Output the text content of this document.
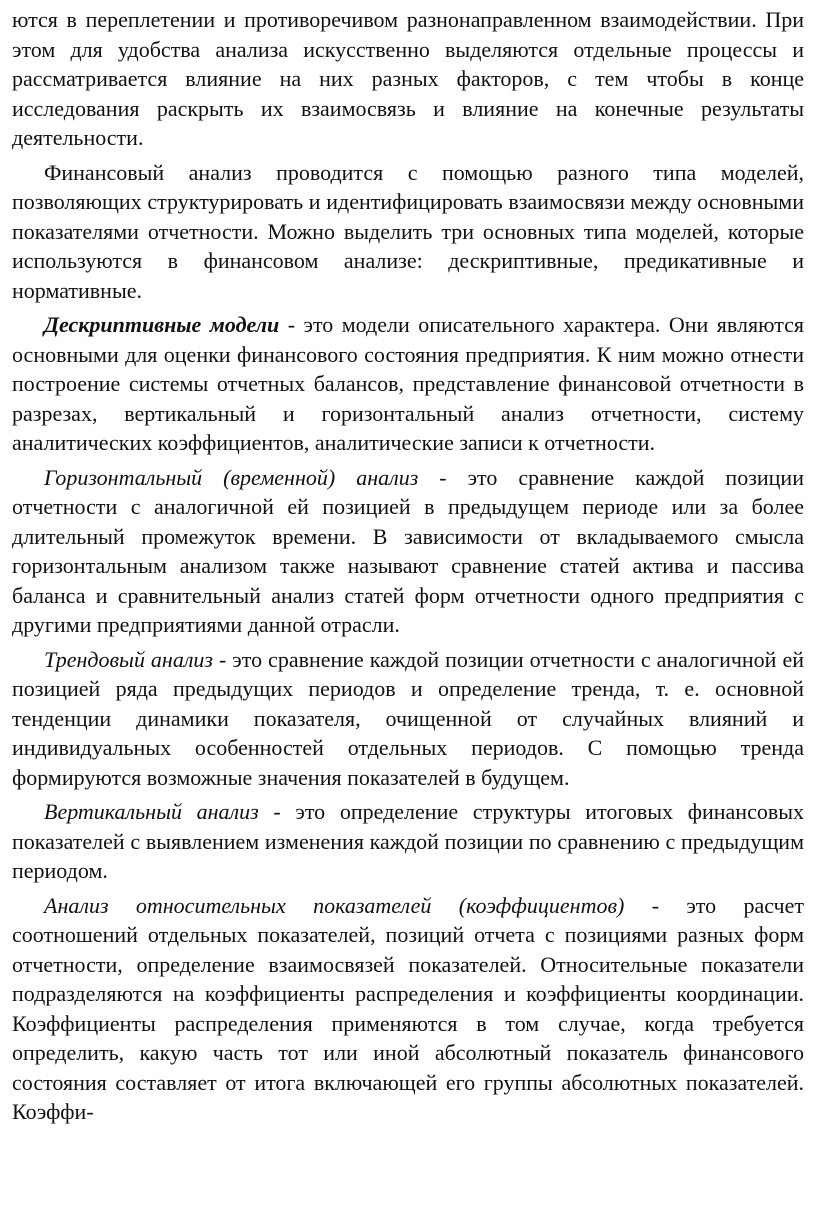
ются в переплетении и противоречивом разнонаправленном взаимодействии. При этом для удобства анализа искусственно выделяются отдельные процессы и рассматривается влияние на них разных факторов, с тем чтобы в конце исследования раскрыть их взаимосвязь и влияние на конечные результаты деятельности.

Финансовый анализ проводится с помощью разного типа моделей, позволяющих структурировать и идентифицировать взаимосвязи между основными показателями отчетности. Можно выделить три основных типа моделей, которые используются в финансовом анализе: дескриптивные, предикативные и нормативные.

Дескриптивные модели - это модели описательного характера. Они являются основными для оценки финансового состояния предприятия. К ним можно отнести построение системы отчетных балансов, представление финансовой отчетности в разрезах, вертикальный и горизонтальный анализ отчетности, систему аналитических коэффициентов, аналитические записи к отчетности.

Горизонтальный (временной) анализ - это сравнение каждой позиции отчетности с аналогичной ей позицией в предыдущем периоде или за более длительный промежуток времени. В зависимости от вкладываемого смысла горизонтальным анализом также называют сравнение статей актива и пассива баланса и сравнительный анализ статей форм отчетности одного предприятия с другими предприятиями данной отрасли.

Трендовый анализ - это сравнение каждой позиции отчетности с аналогичной ей позицией ряда предыдущих периодов и определение тренда, т. е. основной тенденции динамики показателя, очищенной от случайных влияний и индивидуальных особенностей отдельных периодов. С помощью тренда формируются возможные значения показателей в будущем.

Вертикальный анализ - это определение структуры итоговых финансовых показателей с выявлением изменения каждой позиции по сравнению с предыдущим периодом.

Анализ относительных показателей (коэффициентов) - это расчет соотношений отдельных показателей, позиций отчета с позициями разных форм отчетности, определение взаимосвязей показателей. Относительные показатели подразделяются на коэффициенты распределения и коэффициенты координации. Коэффициенты распределения применяются в том случае, когда требуется определить, какую часть тот или иной абсолютный показатель финансового состояния составляет от итога включающей его группы абсолютных показателей. Коэффи-
